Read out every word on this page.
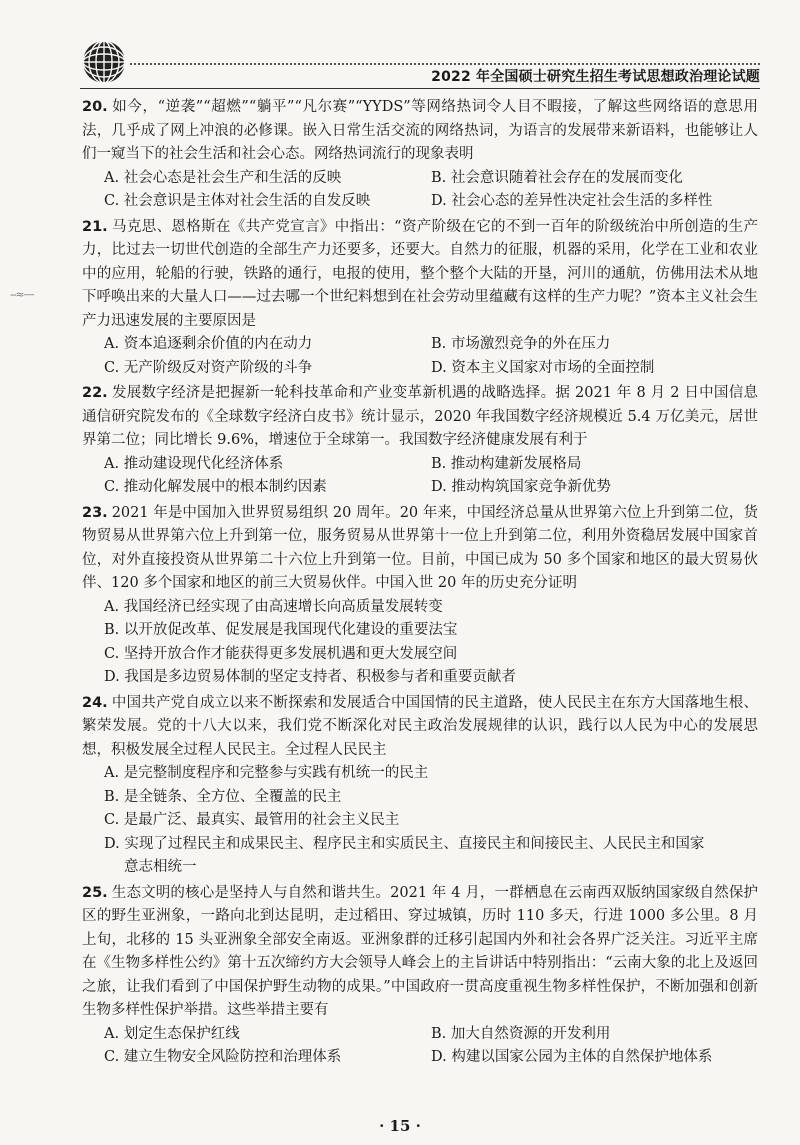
2022 年全国硕士研究生招生考试思想政治理论试题
--≈—
20. 如今，“逆袭”“超燃”“躺平”“凡尔赛”“YYDS”等网络热词令人目不暇接，了解这些网络语的意思用法，几乎成了网上冲浪的必修课。嵌入日常生活交流的网络热词，为语言的发展带来新语料，也能够让人们一窥当下的社会生活和社会心态。网络热词流行的现象表明
A. 社会心态是社会生产和生活的反映	B. 社会意识随着社会存在的发展而变化
C. 社会意识是主体对社会生活的自发反映	D. 社会心态的差异性决定社会生活的多样性
21. 马克思、恩格斯在《共产党宣言》中指出：“资产阶级在它的不到一百年的阶级统治中所创造的生产力，比过去一切世代创造的全部生产力还要多，还要大。自然力的征服，机器的采用，化学在工业和农业中的应用，轮船的行驶，铁路的通行，电报的使用，整个整个大陆的开垦，河川的通航，仿佛用法术从地下呼唤出来的大量人口——过去哪一个世纪料想到在社会劳动里蕴藏有这样的生产力呢？”资本主义社会生产力迅速发展的主要原因是
A. 资本追逐剩余价值的内在动力	B. 市场激烈竞争的外在压力
C. 无产阶级反对资产阶级的斗争	D. 资本主义国家对市场的全面控制
22. 发展数字经济是把握新一轮科技革命和产业变革新机遇的战略选择。据 2021 年 8 月 2 日中国信息通信研究院发布的《全球数字经济白皮书》统计显示，2020 年我国数字经济规模近 5.4 万亿美元，居世界第二位；同比增长 9.6%，增速位于全球第一。我国数字经济健康发展有利于
A. 推动建设现代化经济体系	B. 推动构建新发展格局
C. 推动化解发展中的根本制约因素	D. 推动构筑国家竞争新优势
23. 2021 年是中国加入世界贸易组织 20 周年。20 年来，中国经济总量从世界第六位上升到第二位，货物贸易从世界第六位上升到第一位，服务贸易从世界第十一位上升到第二位，利用外资稳居发展中国家首位，对外直接投资从世界第二十六位上升到第一位。目前，中国已成为 50 多个国家和地区的最大贸易伙伴、120 多个国家和地区的前三大贸易伙伴。中国入世 20 年的历史充分证明
A. 我国经济已经实现了由高速增长向高质量发展转变
B. 以开放促改革、促发展是我国现代化建设的重要法宝
C. 坚持开放合作才能获得更多发展机遇和更大发展空间
D. 我国是多边贸易体制的坚定支持者、积极参与者和重要贡献者
24. 中国共产党自成立以来不断探索和发展适合中国国情的民主道路，使人民民主在东方大国落地生根、繁荣发展。党的十八大以来，我们党不断深化对民主政治发展规律的认识，践行以人民为中心的发展思想，积极发展全过程人民民主。全过程人民民主
A. 是完整制度程序和完整参与实践有机统一的民主
B. 是全链条、全方位、全覆盖的民主
C. 是最广泛、最真实、最管用的社会主义民主
D. 实现了过程民主和成果民主、程序民主和实质民主、直接民主和间接民主、人民民主和国家
意志相统一
25. 生态文明的核心是坚持人与自然和谐共生。2021 年 4 月，一群栖息在云南西双版纳国家级自然保护区的野生亚洲象，一路向北到达昆明，走过稻田、穿过城镇，历时 110 多天，行进 1000 多公里。8 月上旬，北移的 15 头亚洲象全部安全南返。亚洲象群的迁移引起国内外和社会各界广泛关注。习近平主席在《生物多样性公约》第十五次缔约方大会领导人峰会上的主旨讲话中特别指出：“云南大象的北上及返回之旅，让我们看到了中国保护野生动物的成果。”中国政府一贯高度重视生物多样性保护，不断加强和创新生物多样性保护举措。这些举措主要有
A. 划定生态保护红线	B. 加大自然资源的开发利用
C. 建立生物安全风险防控和治理体系	D. 构建以国家公园为主体的自然保护地体系
· 15 ·
